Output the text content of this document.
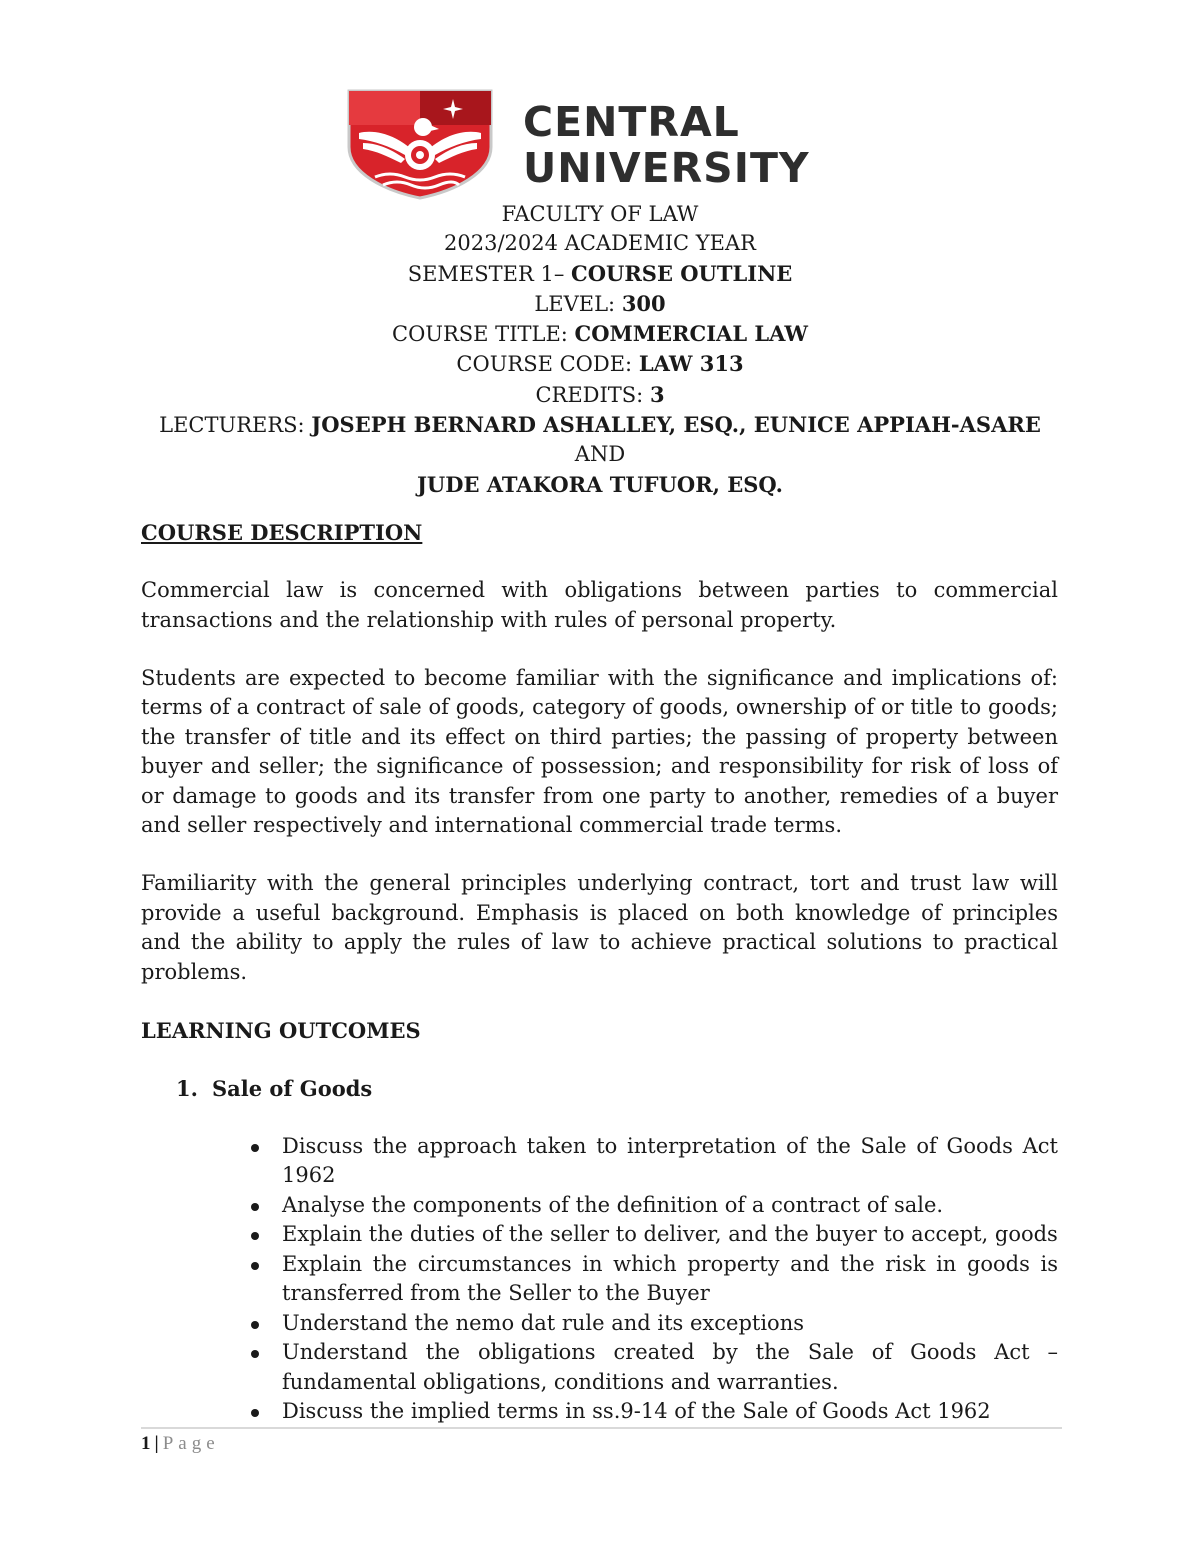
CENTRAL
UNIVERSITY
FACULTY OF LAW
2023/2024 ACADEMIC YEAR
SEMESTER 1– COURSE OUTLINE
LEVEL: 300
COURSE TITLE: COMMERCIAL LAW
COURSE CODE: LAW 313
CREDITS: 3
LECTURERS: JOSEPH BERNARD ASHALLEY, ESQ., EUNICE APPIAH-ASARE
AND
JUDE ATAKORA TUFUOR, ESQ.
COURSE DESCRIPTION

Commercial law is concerned with obligations between parties to commercial transactions and the relationship with rules of personal property.

Students are expected to become familiar with the significance and implications of: terms of a contract of sale of goods, category of goods, ownership of or title to goods; the transfer of title and its effect on third parties; the passing of property between buyer and seller; the significance of possession; and responsibility for risk of loss of or damage to goods and its transfer from one party to another, remedies of a buyer and seller respectively and international commercial trade terms.

Familiarity with the general principles underlying contract, tort and trust law will provide a useful background. Emphasis is placed on both knowledge of principles and the ability to apply the rules of law to achieve practical solutions to practical problems.

LEARNING OUTCOMES
1. Sale of Goods
Discuss the approach taken to interpretation of the Sale of Goods Act 1962
Analyse the components of the definition of a contract of sale.
Explain the duties of the seller to deliver, and the buyer to accept, goods
Explain the circumstances in which property and the risk in goods is transferred from the Seller to the Buyer
Understand the nemo dat rule and its exceptions
Understand the obligations created by the Sale of Goods Act –fundamental obligations, conditions and warranties.
Discuss the implied terms in ss.9-14 of the Sale of Goods Act 1962
1 | Page
